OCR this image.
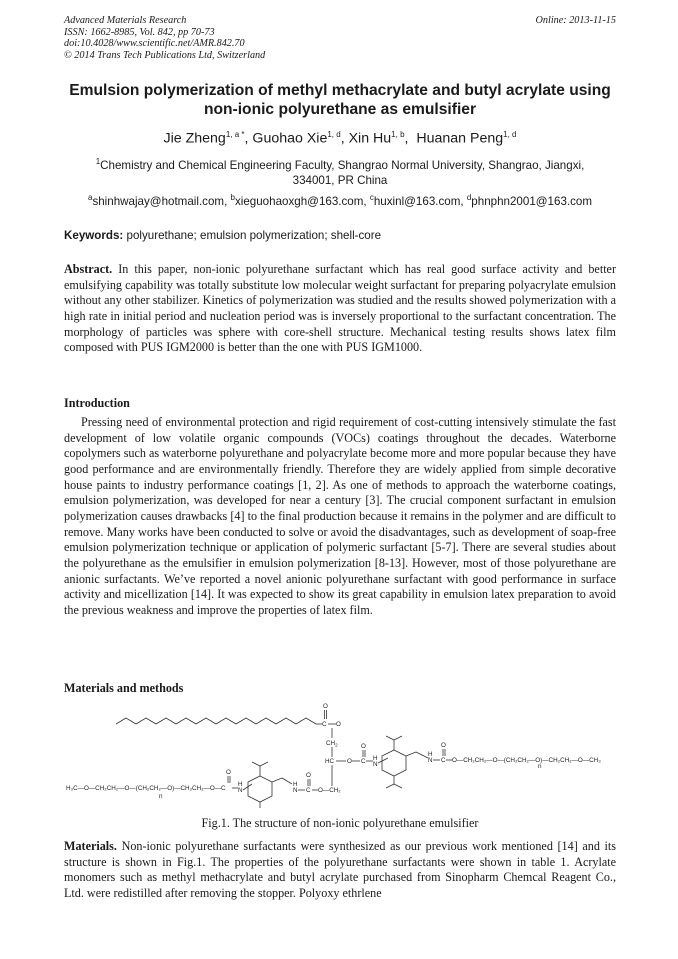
Advanced Materials Research
ISSN: 1662-8985, Vol. 842, pp 70-73
doi:10.4028/www.scientific.net/AMR.842.70
© 2014 Trans Tech Publications Ltd, Switzerland
Online: 2013-11-15
Emulsion polymerization of methyl methacrylate and butyl acrylate using
non-ionic polyurethane as emulsifier
Jie Zheng$^{1, a *}$, Guohao Xie$^{1, d}$, Xin Hu$^{1, b}$,  Huanan Peng$^{1, d}$
$^1$Chemistry and Chemical Engineering Faculty, Shangrao Normal University, Shangrao, Jiangxi,
334001, PR China
$^a$shinhwajay@hotmail.com, $^b$xieguohaoxgh@163.com, $^c$huxinl@163.com, $^d$phnphn2001@163.com
Keywords: polyurethane; emulsion polymerization; shell-core
Abstract. In this paper, non-ionic polyurethane surfactant which has real good surface activity and better emulsifying capability was totally substitute low molecular weight surfactant for preparing polyacrylate emulsion without any other stabilizer. Kinetics of polymerization was studied and the results showed polymerization with a high rate in initial period and nucleation period was is inversely proportional to the surfactant concentration. The morphology of particles was sphere with core-shell structure. Mechanical testing results shows latex film composed with PUS IGM2000 is better than the one with PUS IGM1000.
Introduction
Pressing need of environmental protection and rigid requirement of cost-cutting intensively stimulate the fast development of low volatile organic compounds (VOCs) coatings throughout the decades. Waterborne copolymers such as waterborne polyurethane and polyacrylate become more and more popular because they have good performance and are environmentally friendly. Therefore they are widely applied from simple decorative house paints to industry performance coatings [1, 2]. As one of methods to approach the waterborne coatings, emulsion polymerization, was developed for near a century [3]. The crucial component surfactant in emulsion polymerization causes drawbacks [4] to the final production because it remains in the polymer and are difficult to remove. Many works have been conducted to solve or avoid the disadvantages, such as development of soap-free emulsion polymerization technique or application of polymeric surfactant [5-7]. There are several studies about the polyurethane as the emulsifier in emulsion polymerization [8-13]. However, most of those polyurethane are anionic surfactants. We’ve reported a novel anionic polyurethane surfactant with good performance in surface activity and micellization [14]. It was expected to show its great capability in emulsion latex preparation to avoid the previous weakness and improve the properties of latex film.
Materials and methods
C
O
O
$CH_2$
HC O C
O
H
N
H
N C
O
O—CH₂CH₂—O—(CH₂CH₂—O)—CH₂CH₂—O—CH₃
n
H₃C—O—CH₂CH₂—O—(CH₂CH₂—O)—CH₂CH₂—O—C
n
O
H
N
H
N C
O
O—CH₂
Fig.1. The structure of non-ionic polyurethane emulsifier
Materials. Non-ionic polyurethane surfactants were synthesized as our previous work mentioned [14] and its structure is shown in Fig.1. The properties of the polyurethane surfactants were shown in table 1. Acrylate monomers such as methyl methacrylate and butyl acrylate purchased from Sinopharm Chemcal Reagent Co., Ltd. were redistilled after removing the stopper. Polyoxy ethrlene
